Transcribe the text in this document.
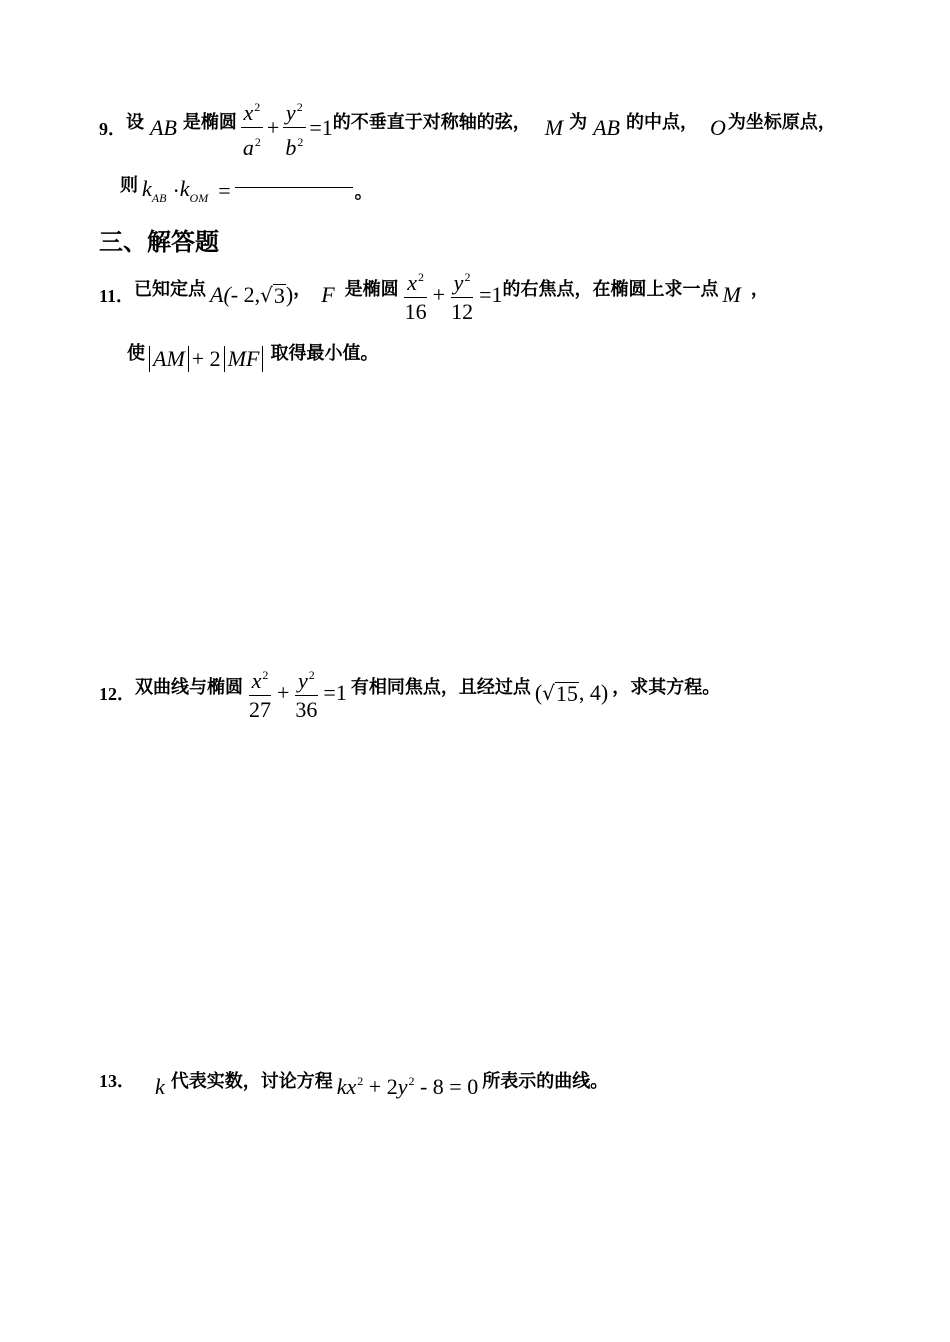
9． 设 AB 是椭圆 $\frac{x^2}{a^2} + \frac{y^2}{b^2} =1$ 的不垂直于对称轴的弦， M 为 AB 的中点， O 为坐标原点，
则 $k_{AB} \cdot k_{OM}$ =	。
三、解答题
11． 已知定点 A(- 2, √ 3 ) ， F 是椭圆 $\frac{x^2}{16} + \frac{y^2}{12} =1$ 的右焦点，在椭圆上求一点 M ，
使 AM + 2 MF 取得最小值。
12． 双曲线与椭圆 $\frac{x^2}{27} + \frac{y^2}{36} =1$ 有相同焦点，且经过点 ( √ 15 , 4) ，求其方程。
13． k 代表实数，讨论方程 $kx^2 + 2y^2 - 8 = 0$ 所表示的曲线。
